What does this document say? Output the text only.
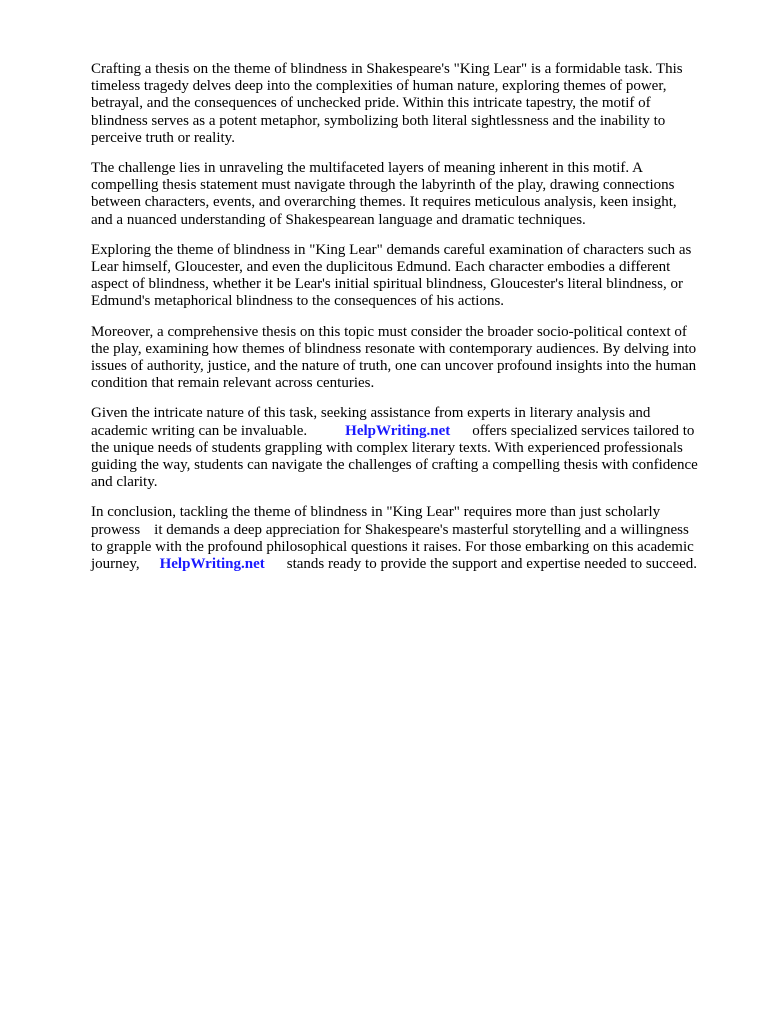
Crafting a thesis on the theme of blindness in Shakespeare's "King Lear" is a formidable task. This
timeless tragedy delves deep into the complexities of human nature, exploring themes of power,
betrayal, and the consequences of unchecked pride. Within this intricate tapestry, the motif of
blindness serves as a potent metaphor, symbolizing both literal sightlessness and the inability to
perceive truth or reality.

The challenge lies in unraveling the multifaceted layers of meaning inherent in this motif. A
compelling thesis statement must navigate through the labyrinth of the play, drawing connections
between characters, events, and overarching themes. It requires meticulous analysis, keen insight,
and a nuanced understanding of Shakespearean language and dramatic techniques.

Exploring the theme of blindness in "King Lear" demands careful examination of characters such as
Lear himself, Gloucester, and even the duplicitous Edmund. Each character embodies a different
aspect of blindness, whether it be Lear's initial spiritual blindness, Gloucester's literal blindness, or
Edmund's metaphorical blindness to the consequences of his actions.

Moreover, a comprehensive thesis on this topic must consider the broader socio-political context of
the play, examining how themes of blindness resonate with contemporary audiences. By delving into
issues of authority, justice, and the nature of truth, one can uncover profound insights into the human
condition that remain relevant across centuries.

Given the intricate nature of this task, seeking assistance from experts in literary analysis and
academic writing can be invaluable.	HelpWriting.net offers specialized services tailored to
the unique needs of students grappling with complex literary texts. With experienced professionals
guiding the way, students can navigate the challenges of crafting a compelling thesis with confidence
and clarity.

In conclusion, tackling the theme of blindness in "King Lear" requires more than just scholarly
prowess it demands a deep appreciation for Shakespeare's masterful storytelling and a willingness
to grapple with the profound philosophical questions it raises. For those embarking on this academic
journey, HelpWriting.net stands ready to provide the support and expertise needed to succeed.
